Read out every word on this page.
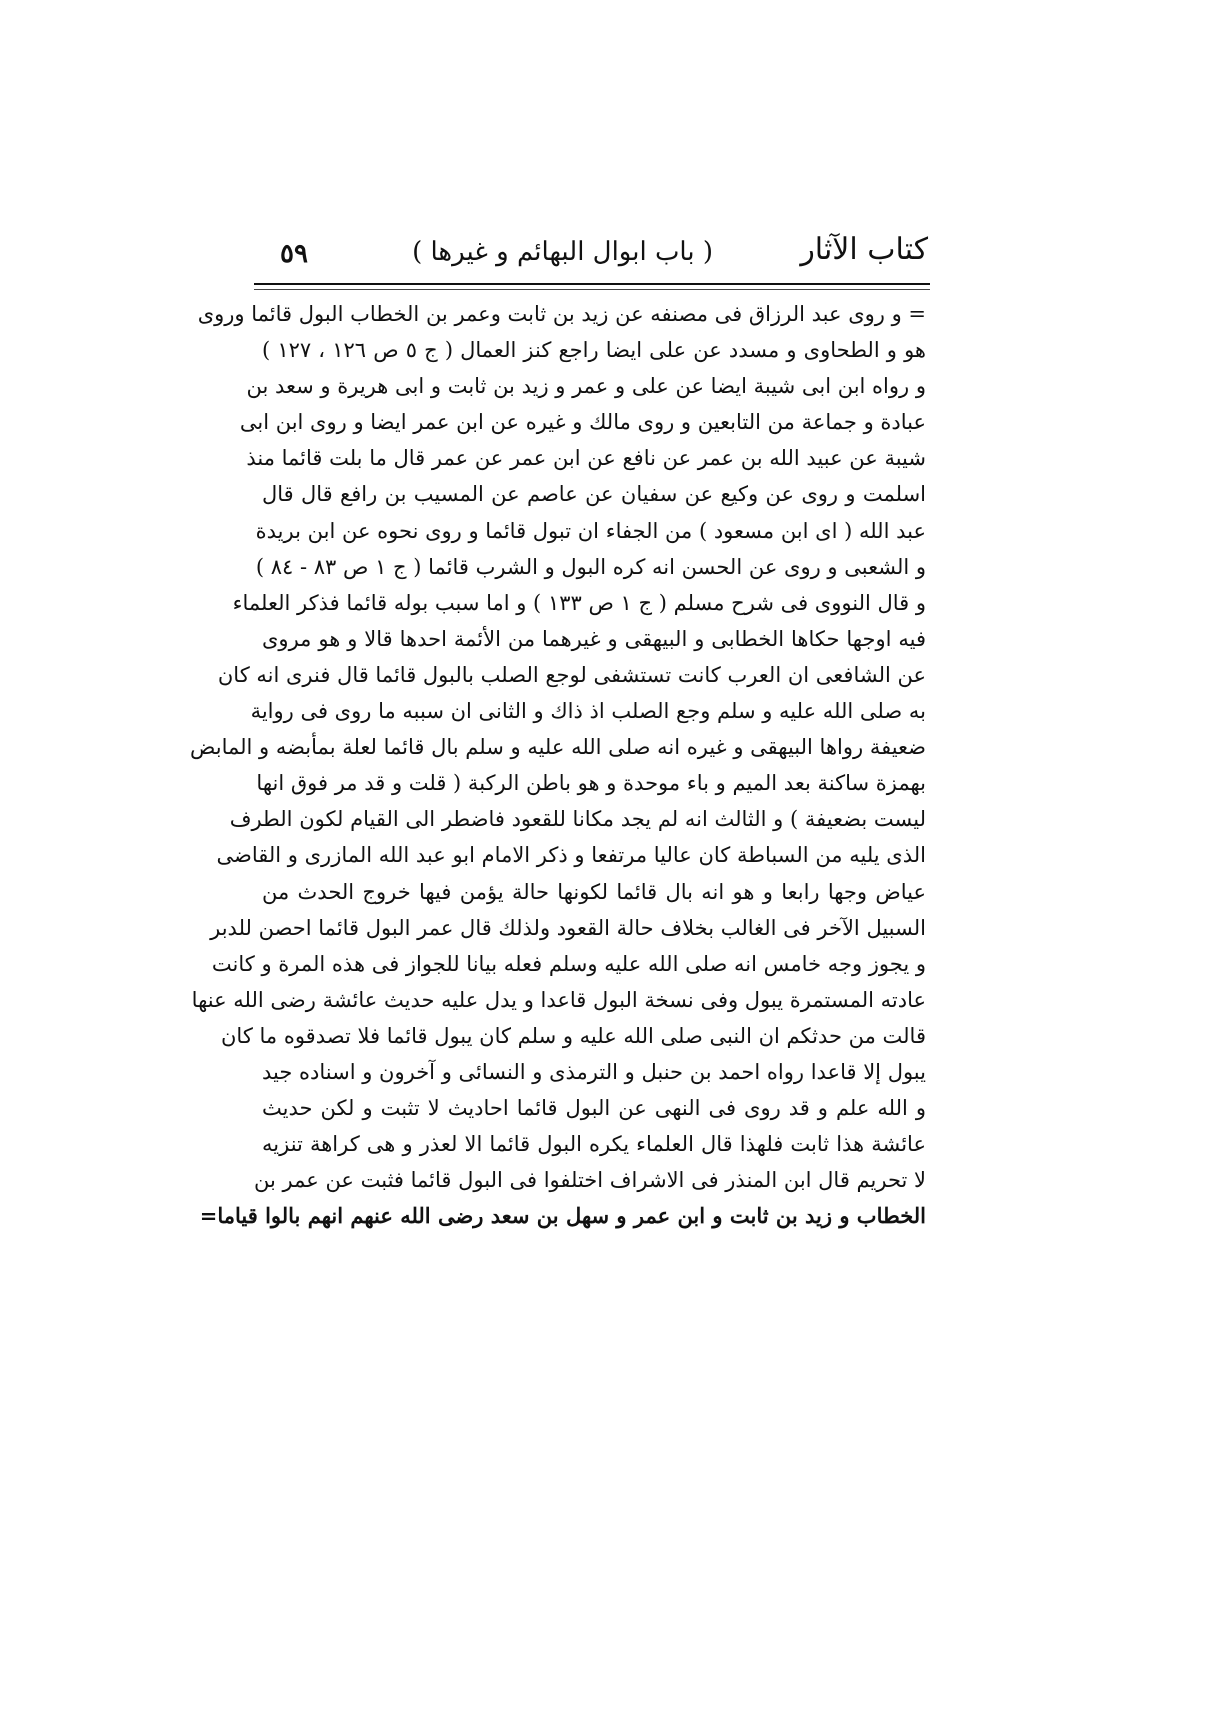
كتاب الآثار
( باب ابوال البهائم و غيرها )
٥٩
= و روى عبد الرزاق فى مصنفه عن زيد بن ثابت وعمر بن الخطاب البول قائما وروى
هو و الطحاوى و مسدد عن على ايضا راجع كنز العمال ( ج ٥ ص ١٢٦ ، ١٢٧ )
و رواه ابن ابى شيبة ايضا عن على و عمر و زيد بن ثابت و ابى هريرة و سعد بن
عبادة و جماعة من التابعين و روى مالك و غيره عن ابن عمر ايضا و روى ابن ابى
شيبة عن عبيد الله بن عمر عن نافع عن ابن عمر عن عمر قال ما بلت قائما منذ
اسلمت و روى عن وكيع عن سفيان عن عاصم عن المسيب بن رافع قال قال
عبد الله ( اى ابن مسعود ) من الجفاء ان تبول قائما و روى نحوه عن ابن بريدة
و الشعبى و روى عن الحسن انه كره البول و الشرب قائما ( ج ١ ص ٨٣ - ٨٤ )
و قال النووى فى شرح مسلم ( ج ١ ص ١٣٣ ) و اما سبب بوله قائما فذكر العلماء
فيه اوجها حكاها الخطابى و البيهقى و غيرهما من الأئمة احدها قالا و هو مروى
عن الشافعى ان العرب كانت تستشفى لوجع الصلب بالبول قائما قال فنرى انه كان
به صلى الله عليه و سلم وجع الصلب اذ ذاك و الثانى ان سببه ما روى فى رواية
ضعيفة رواها البيهقى و غيره انه صلى الله عليه و سلم بال قائما لعلة بمأبضه و المابض
بهمزة ساكنة بعد الميم و باء موحدة و هو باطن الركبة ( قلت و قد مر فوق انها
ليست بضعيفة ) و الثالث انه لم يجد مكانا للقعود فاضطر الى القيام لكون الطرف
الذى يليه من السباطة كان عاليا مرتفعا و ذكر الامام ابو عبد الله المازرى و القاضى
عياض وجها رابعا و هو انه بال قائما لكونها حالة يؤمن فيها خروج الحدث من
السبيل الآخر فى الغالب بخلاف حالة القعود ولذلك قال عمر البول قائما احصن للدبر
و يجوز وجه خامس انه صلى الله عليه وسلم فعله بيانا للجواز فى هذه المرة و كانت
عادته المستمرة يبول وفى نسخة البول قاعدا و يدل عليه حديث عائشة رضى الله عنها
قالت من حدثكم ان النبى صلى الله عليه و سلم كان يبول قائما فلا تصدقوه ما كان
يبول إلا قاعدا رواه احمد بن حنبل و الترمذى و النسائى و آخرون و اسناده جيد
و الله علم و قد روى فى النهى عن البول قائما احاديث لا تثبت و لكن حديث
عائشة هذا ثابت فلهذا قال العلماء يكره البول قائما الا لعذر و هى كراهة تنزيه
لا تحريم قال ابن المنذر فى الاشراف اختلفوا فى البول قائما فثبت عن عمر بن
الخطاب و زيد بن ثابت و ابن عمر و سهل بن سعد رضى الله عنهم انهم بالوا قياما=
